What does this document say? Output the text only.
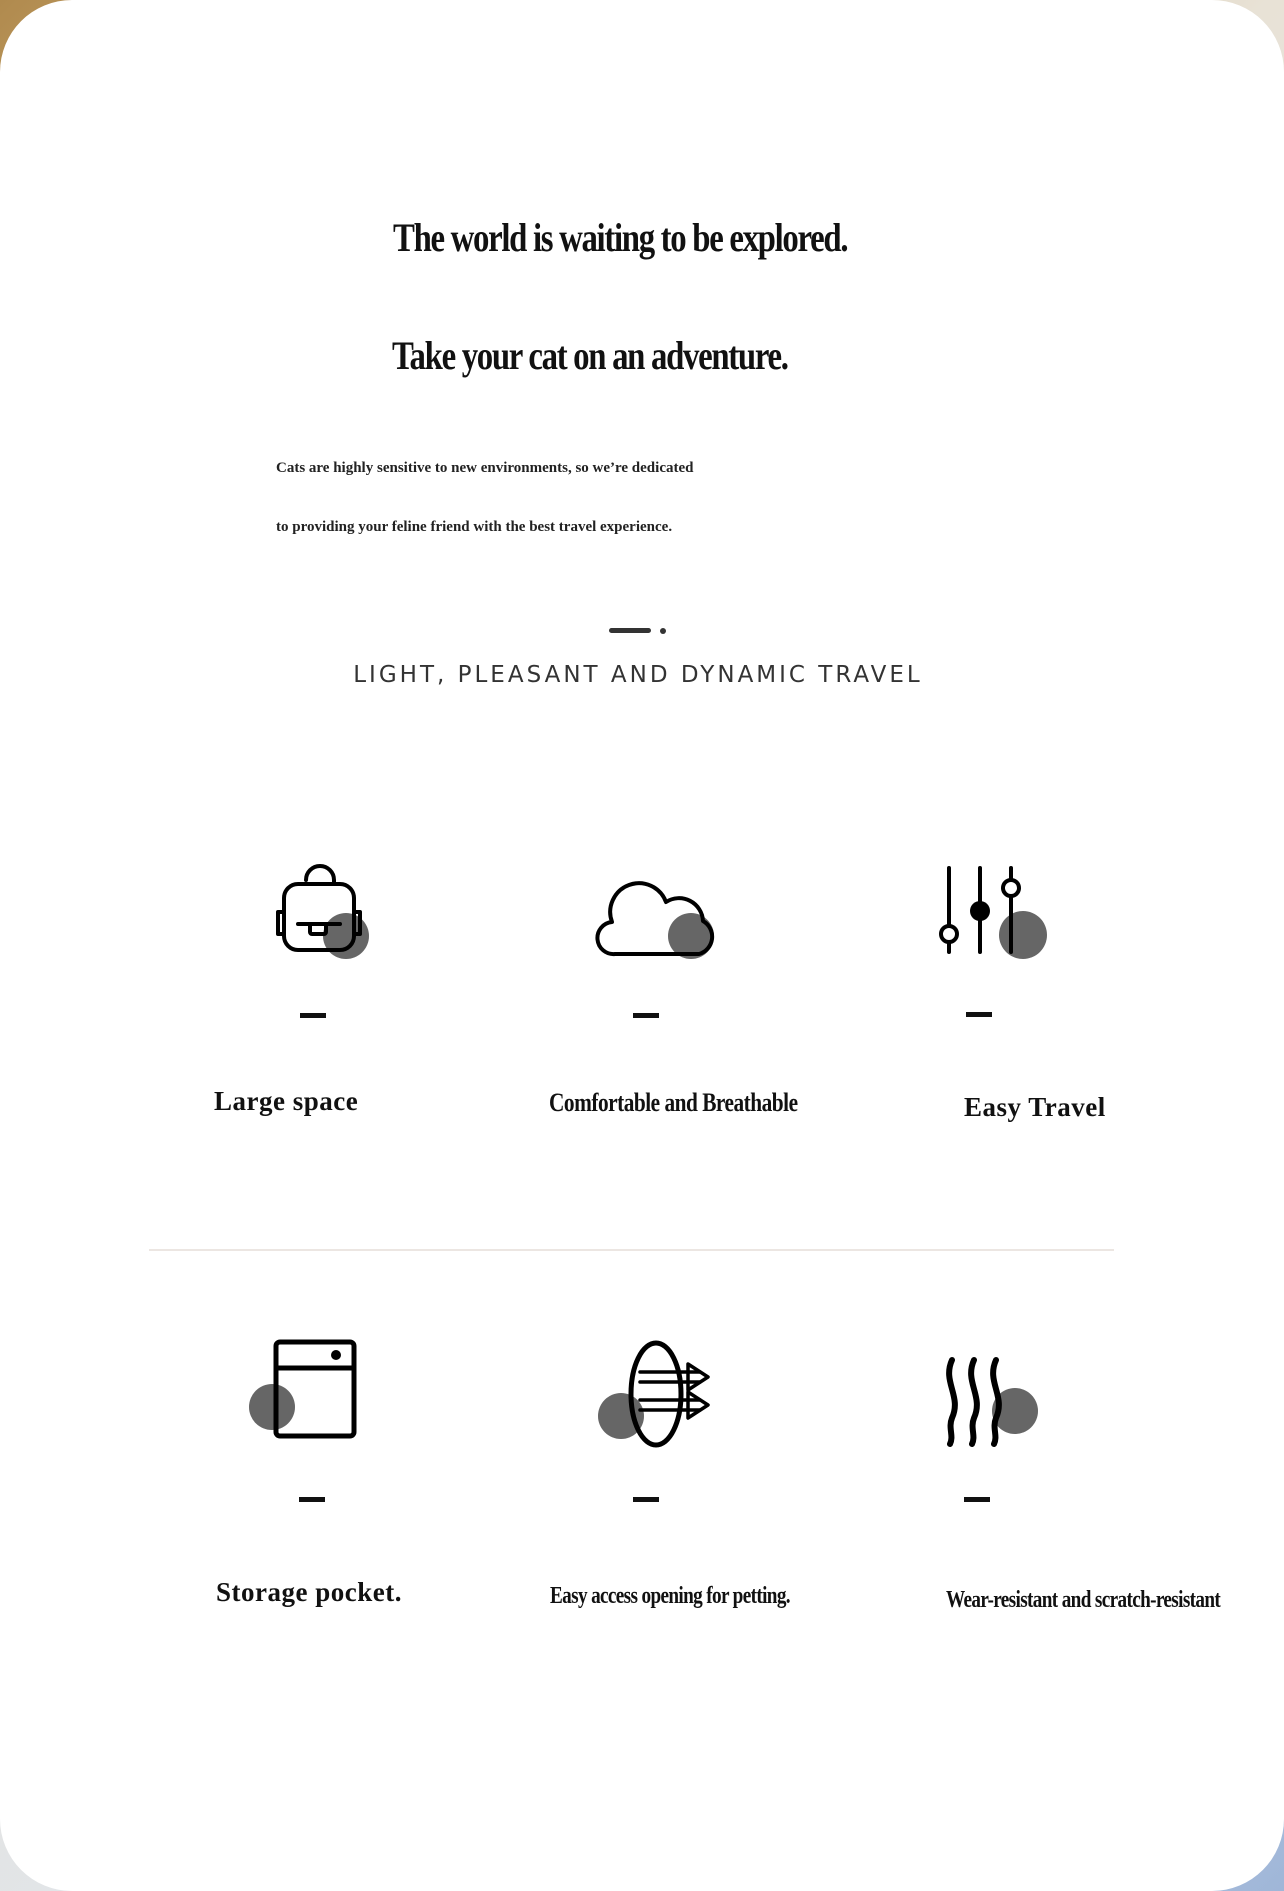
The world is waiting to be explored.

Take your cat on an adventure.

Cats are highly sensitive to new environments, so we’re dedicated

to providing your feline friend with the best travel experience.

LIGHT, PLEASANT AND DYNAMIC TRAVEL

Large space	Comfortable and Breathable	Easy Travel

Storage pocket.	Easy access opening for petting.	Wear-resistant and scratch-resistant
